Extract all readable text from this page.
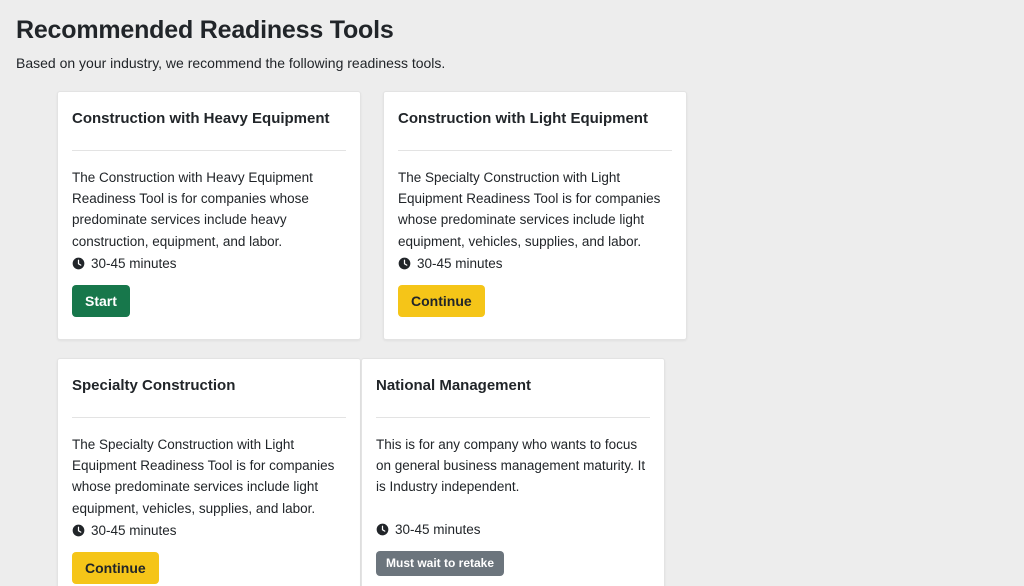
Recommended Readiness Tools

Based on your industry, we recommend the following readiness tools.

Construction with Heavy Equipment

The Construction with Heavy Equipment Readiness Tool is for companies whose predominate services include heavy construction, equipment, and labor.

30-45 minutes
Start
Construction with Light Equipment

The Specialty Construction with Light Equipment Readiness Tool is for companies whose predominate services include light equipment, vehicles, supplies, and labor.

30-45 minutes
Continue
Specialty Construction

The Specialty Construction with Light Equipment Readiness Tool is for companies whose predominate services include light equipment, vehicles, supplies, and labor.

30-45 minutes
Continue
National Management

This is for any company who wants to focus on general business management maturity. It is Industry independent.

30-45 minutes
Must wait to retake
